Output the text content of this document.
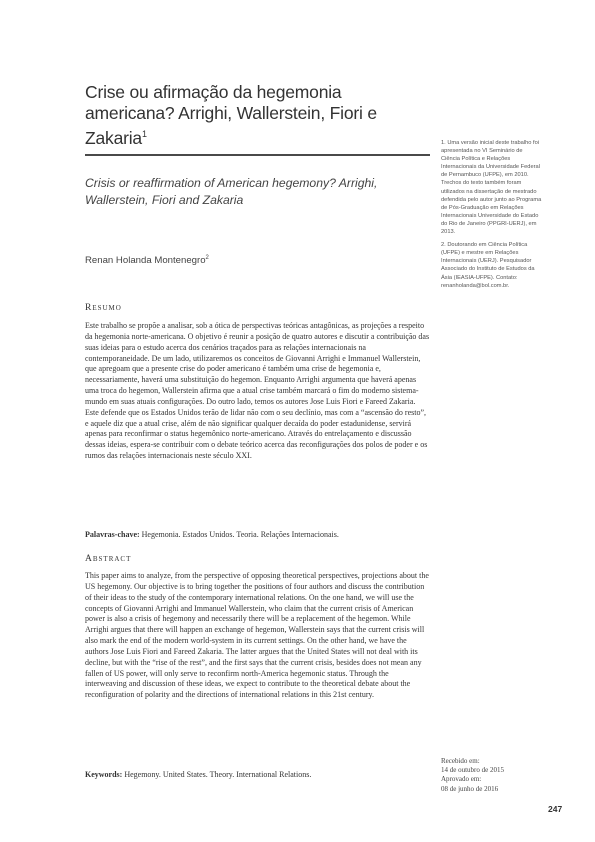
Crise ou afirmação da hegemonia americana? Arrighi, Wallerstein, Fiori e Zakaria$^1$

Crisis or reaffirmation of American hegemony? Arrighi, Wallerstein, Fiori and Zakaria

Renan Holanda Montenegro$^2$
Resumo

Este trabalho se propõe a analisar, sob a ótica de perspectivas teóricas antagônicas, as projeções a respeito da hegemonia norte-americana. O objetivo é reunir a posição de quatro autores e discutir a contribuição das suas ideias para o estudo acerca dos cenários traçados para as relações internacionais na contemporaneidade. De um lado, utilizaremos os conceitos de Giovanni Arrighi e Immanuel Wallerstein, que apregoam que a presente crise do poder americano é também uma crise de hegemonia e, necessariamente, haverá uma substituição do hegemon. Enquanto Arrighi argumenta que haverá apenas uma troca do hegemon, Wallerstein afirma que a atual crise também marcará o fim do moderno sistema-mundo em suas atuais configurações. Do outro lado, temos os autores Jose Luis Fiori e Fareed Zakaria. Este defende que os Estados Unidos terão de lidar não com o seu declínio, mas com a “ascensão do resto”, e aquele diz que a atual crise, além de não significar qualquer decaída do poder estadunidense, servirá apenas para reconfirmar o status hegemônico norte-americano. Através do entrelaçamento e discussão dessas ideias, espera-se contribuir com o debate teórico acerca das reconfigurações dos polos de poder e os rumos das relações internacionais neste século XXI.

Palavras-chave: Hegemonia. Estados Unidos. Teoria. Relações Internacionais.
Abstract

This paper aims to analyze, from the perspective of opposing theoretical perspectives, projections about the US hegemony. Our objective is to bring together the positions of four authors and discuss the contribution of their ideas to the study of the contemporary international relations. On the one hand, we will use the concepts of Giovanni Arrighi and Immanuel Wallerstein, who claim that the current crisis of American power is also a crisis of hegemony and necessarily there will be a replacement of the hegemon. While Arrighi argues that there will happen an exchange of hegemon, Wallerstein says that the current crisis will also mark the end of the modern world-system in its current settings. On the other hand, we have the authors Jose Luis Fiori and Fareed Zakaria. The latter argues that the United States will not deal with its decline, but with the “rise of the rest”, and the first says that the current crisis, besides does not mean any fallen of US power, will only serve to reconfirm north-America hegemonic status. Through the interweaving and discussion of these ideas, we expect to contribute to the theoretical debate about the reconfiguration of polarity and the directions of international relations in this 21st century.

Keywords: Hegemony. United States. Theory. International Relations.

1. Uma versão inicial deste trabalho foi apresentada no VI Seminário de Ciência Política e Relações Internacionais da Universidade Federal de Pernambuco (UFPE), em 2010. Trechos do texto também foram utilizados na dissertação de mestrado defendida pelo autor junto ao Programa de Pós-Graduação em Relações Internacionais Universidade do Estado do Rio de Janeiro (PPGRI-UERJ), em 2013.

2. Doutorando em Ciência Política (UFPE) e mestre em Relações Internacionais (UERJ). Pesquisador Associado do Instituto de Estudos da Ásia (IEASIA-UFPE). Contato: renanholanda@bol.com.br.

Recebido em:
14 de outubro de 2015
Aprovado em:
08 de junho de 2016
247
